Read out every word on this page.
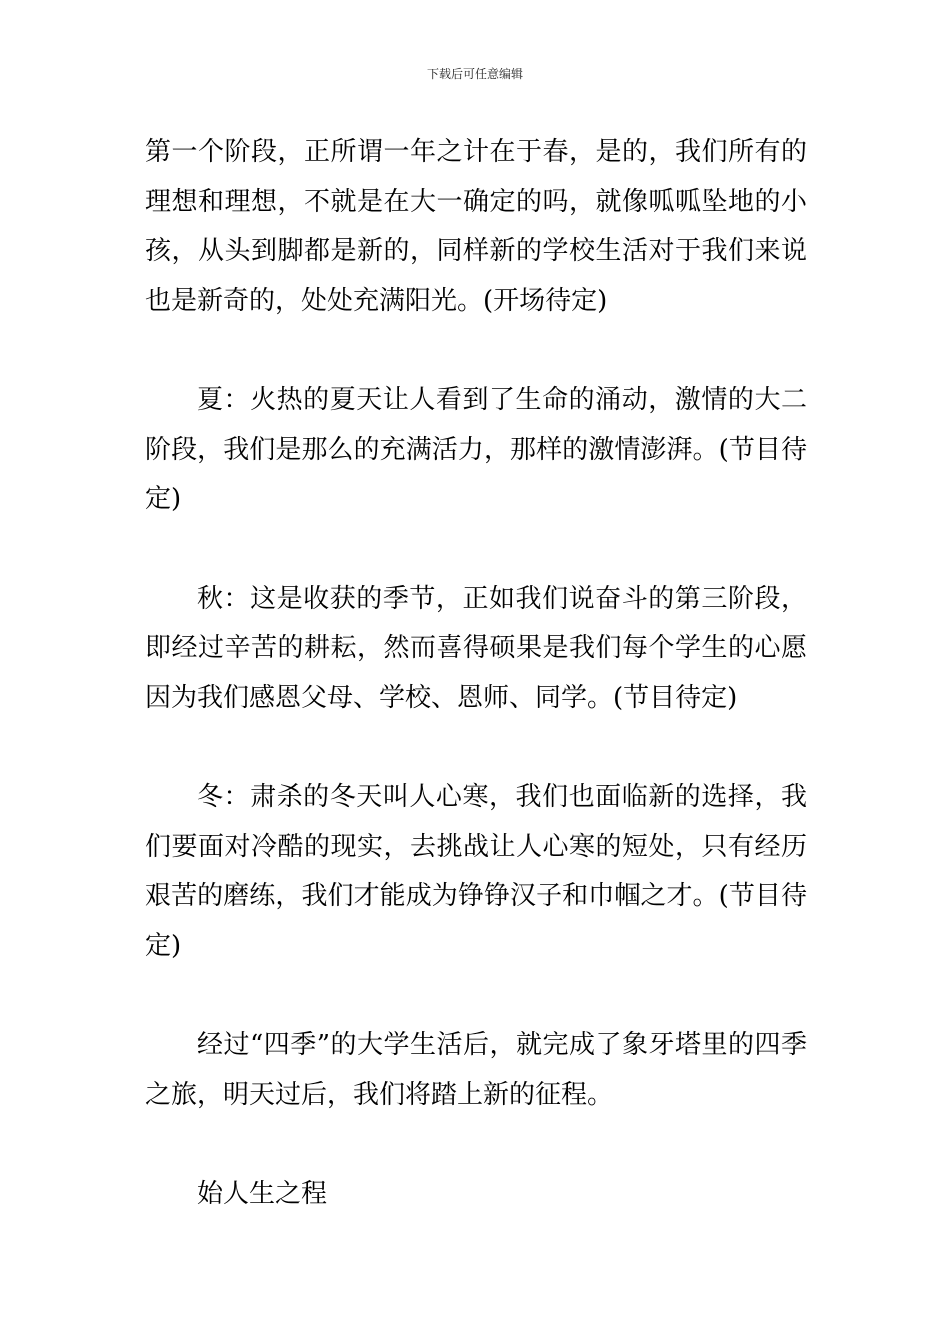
下载后可任意编辑

第一个阶段，正所谓一年之计在于春，是的，我们所有的理想和理想，不就是在大一确定的吗，就像呱呱坠地的小孩，从头到脚都是新的，同样新的学校生活对于我们来说也是新奇的，处处充满阳光。(开场待定)

夏：火热的夏天让人看到了生命的涌动，激情的大二阶段，我们是那么的充满活力，那样的激情澎湃。(节目待定)

秋：这是收获的季节，正如我们说奋斗的第三阶段，即经过辛苦的耕耘，然而喜得硕果是我们每个学生的心愿因为我们感恩父母、学校、恩师、同学。(节目待定)

冬：肃杀的冬天叫人心寒，我们也面临新的选择，我们要面对冷酷的现实，去挑战让人心寒的短处，只有经历艰苦的磨练，我们才能成为铮铮汉子和巾帼之才。(节目待定)

经过“四季”的大学生活后，就完成了象牙塔里的四季之旅，明天过后，我们将踏上新的征程。

始人生之程
